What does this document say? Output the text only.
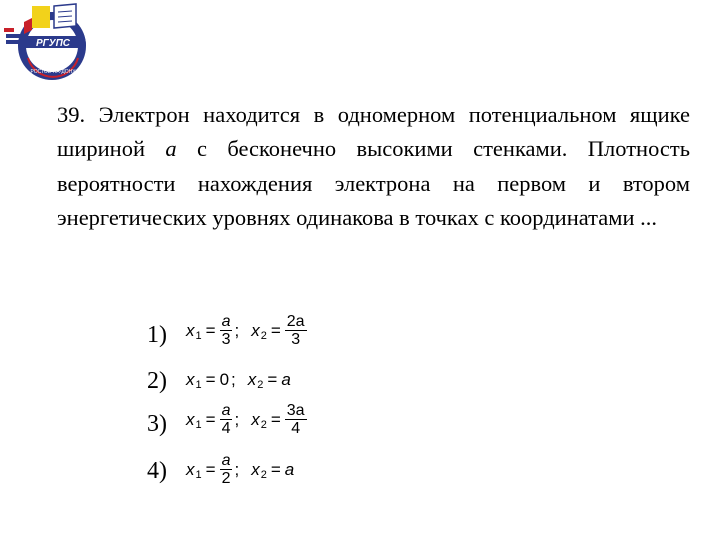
РГУПС
РОСТОВ-НА-ДОНУ

39. Электрон находится в одномерном потенциальном ящике шириной a с бесконечно высокими стенками. Плотность вероятности нахождения электрона на первом и втором энергетических уровнях одинакова в точках с координатами ...

1) x $1 = \frac{a}{3}$ ; x $2 = \frac{2a}{3}$
2) x 1 = 0 ; x 2 = a
3) x $1 = \frac{a}{4}$ ; x $2 = \frac{3a}{4}$
4) x $1 = \frac{a}{2}$ ; x 2 = a
